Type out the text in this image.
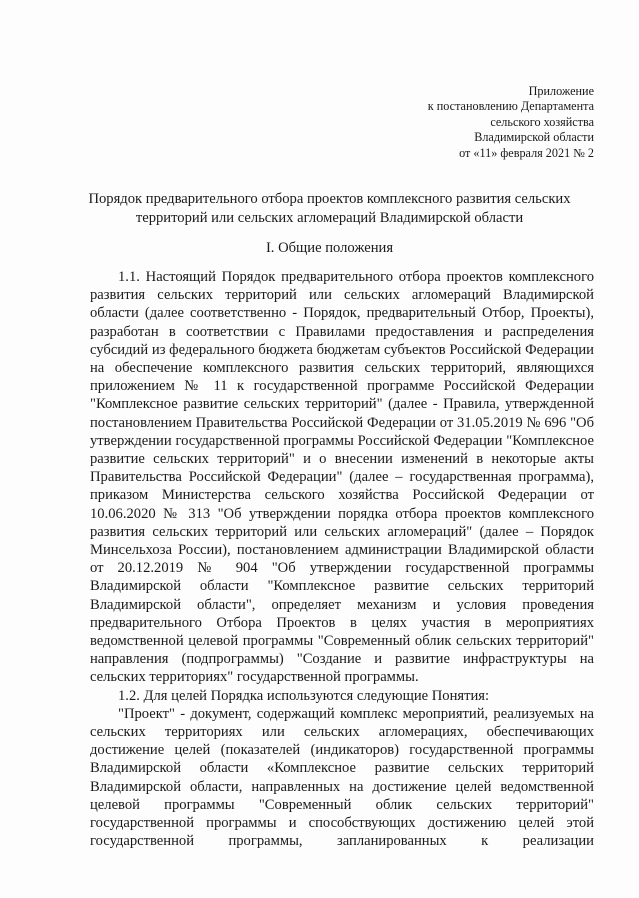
Приложение
к постановлению Департамента
сельского хозяйства
Владимирской области
от «11» февраля 2021 № 2
Порядок предварительного отбора проектов комплексного развития сельских территорий или сельских агломераций Владимирской области
I. Общие положения

1.1. Настоящий Порядок предварительного отбора проектов комплексного развития сельских территорий или сельских агломераций Владимирской области (далее соответственно - Порядок, предварительный Отбор, Проекты), разработан в соответствии с Правилами предоставления и распределения субсидий из федерального бюджета бюджетам субъектов Российской Федерации на обеспечение комплексного развития сельских территорий, являющихся приложением № 11 к государственной программе Российской Федерации "Комплексное развитие сельских территорий" (далее - Правила, утвержденной постановлением Правительства Российской Федерации от 31.05.2019 № 696 "Об утверждении государственной программы Российской Федерации "Комплексное развитие сельских территорий" и о внесении изменений в некоторые акты Правительства Российской Федерации" (далее – государственная программа), приказом Министерства сельского хозяйства Российской Федерации от 10.06.2020 № 313 "Об утверждении порядка отбора проектов комплексного развития сельских территорий или сельских агломераций" (далее – Порядок Минсельхоза России), постановлением администрации Владимирской области от 20.12.2019 № 904 "Об утверждении государственной программы Владимирской области "Комплексное развитие сельских территорий Владимирской области", определяет механизм и условия проведения предварительного Отбора Проектов в целях участия в мероприятиях ведомственной целевой программы "Современный облик сельских территорий" направления (подпрограммы) "Создание и развитие инфраструктуры на сельских территориях" государственной программы.

1.2. Для целей Порядка используются следующие Понятия:

"Проект" - документ, содержащий комплекс мероприятий, реализуемых на сельских территориях или сельских агломерациях, обеспечивающих достижение целей (показателей (индикаторов) государственной программы Владимирской области «Комплексное развитие сельских территорий Владимирской области, направленных на достижение целей ведомственной целевой программы "Современный облик сельских территорий" государственной программы и способствующих достижению целей этой государственной программы, запланированных к реализации
